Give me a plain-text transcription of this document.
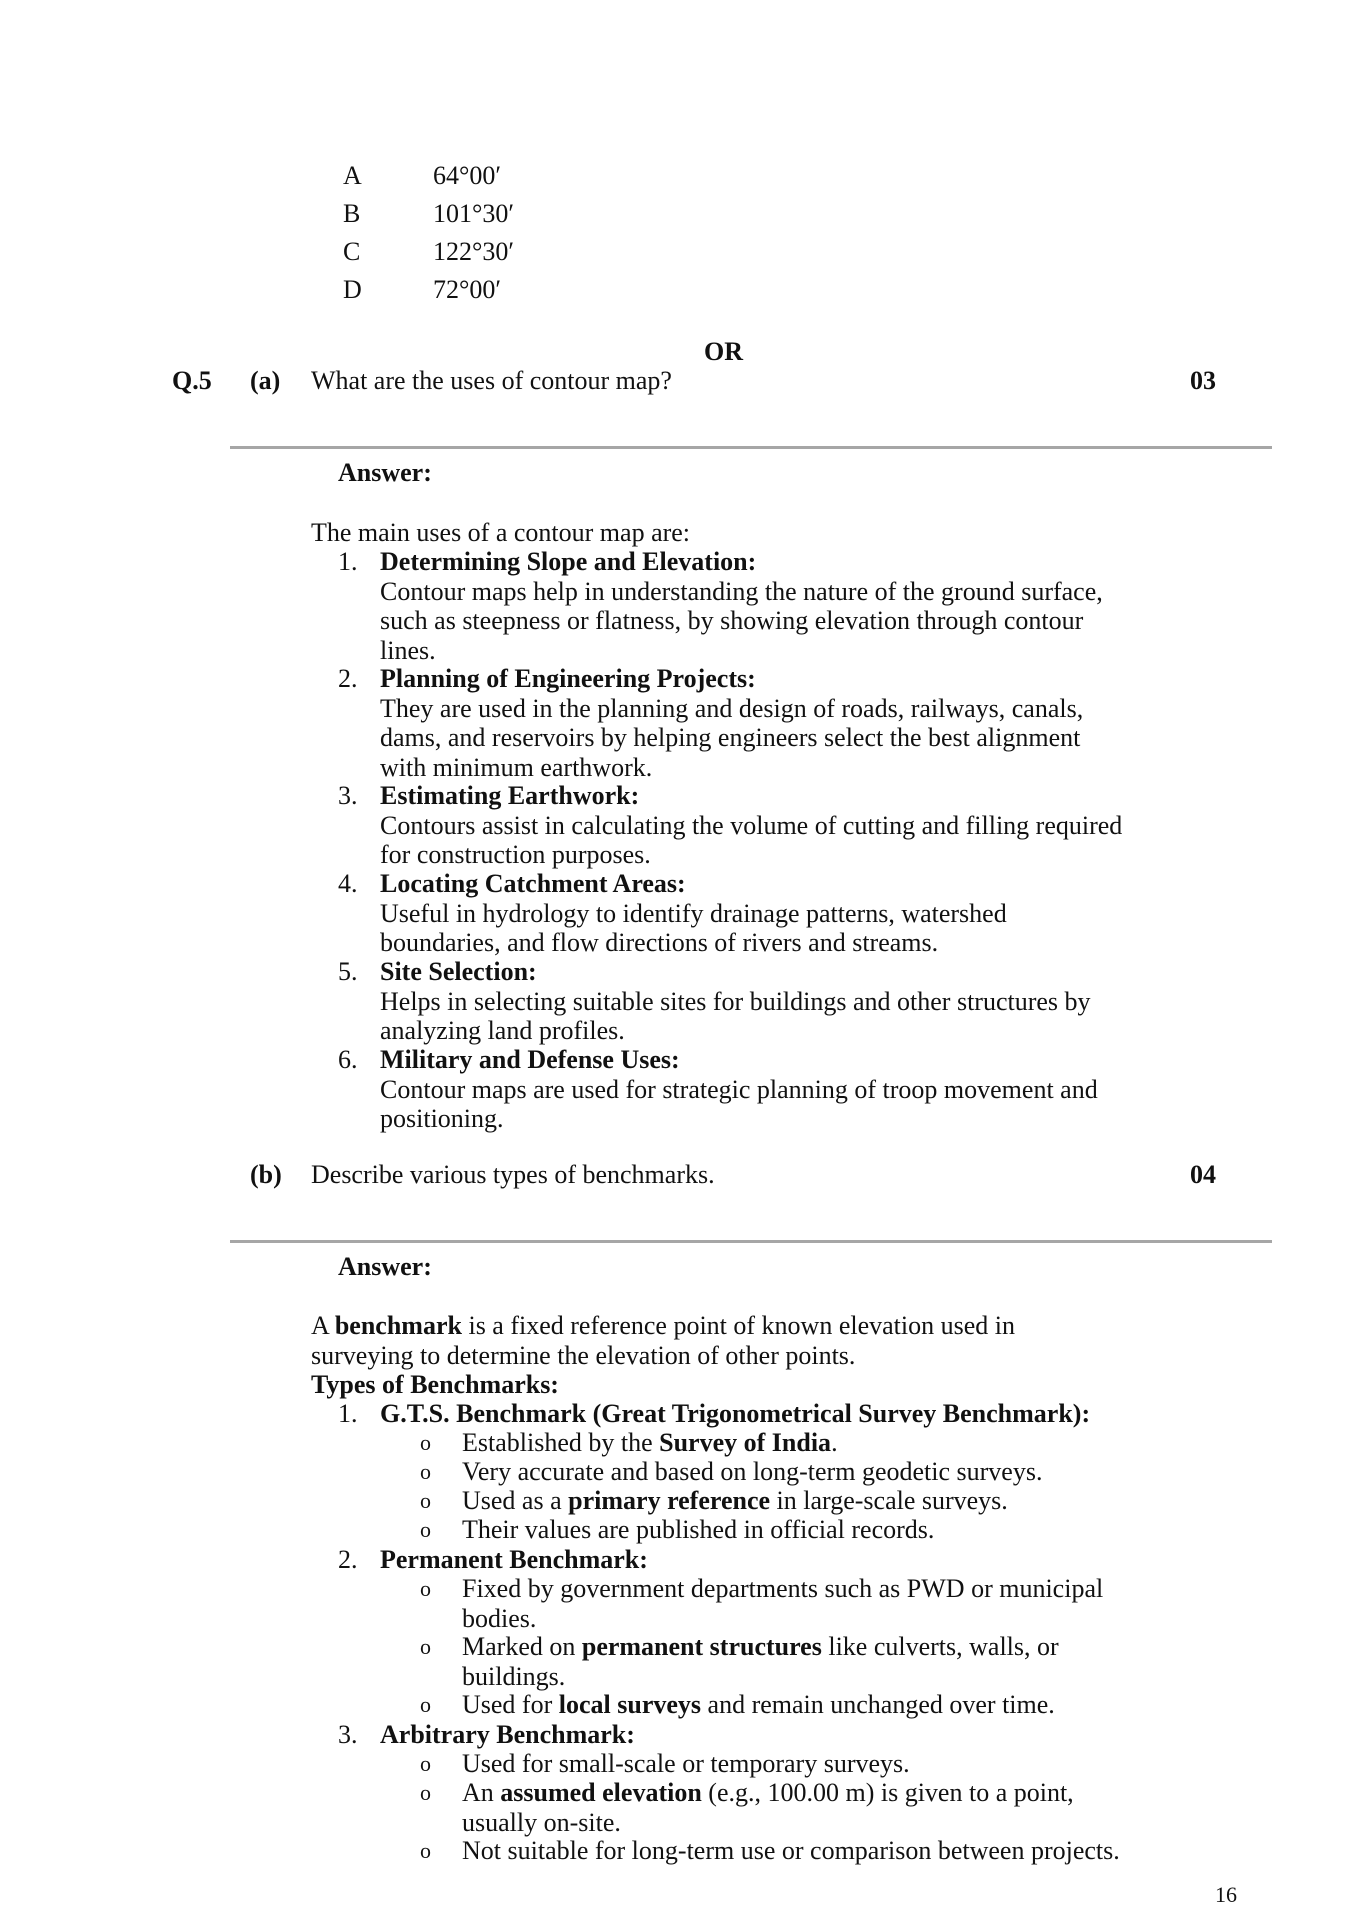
A	64°00′
B	101°30′
C	122°30′
D	72°00′
OR
Q.5 (a) What are the uses of contour map?	03
Answer:
The main uses of a contour map are:
1. Determining Slope and Elevation:
Contour maps help in understanding the nature of the ground surface,
such as steepness or flatness, by showing elevation through contour
lines.
2. Planning of Engineering Projects:
They are used in the planning and design of roads, railways, canals,
dams, and reservoirs by helping engineers select the best alignment
with minimum earthwork.
3. Estimating Earthwork:
Contours assist in calculating the volume of cutting and filling required
for construction purposes.
4. Locating Catchment Areas:
Useful in hydrology to identify drainage patterns, watershed
boundaries, and flow directions of rivers and streams.
5. Site Selection:
Helps in selecting suitable sites for buildings and other structures by
analyzing land profiles.
6. Military and Defense Uses:
Contour maps are used for strategic planning of troop movement and
positioning.
(b) Describe various types of benchmarks.	04
Answer:
A benchmark is a fixed reference point of known elevation used in
surveying to determine the elevation of other points.
Types of Benchmarks:
1. G.T.S. Benchmark (Great Trigonometrical Survey Benchmark):
o Established by the Survey of India.
o Very accurate and based on long-term geodetic surveys.
o Used as a primary reference in large-scale surveys.
o Their values are published in official records.
2. Permanent Benchmark:
o Fixed by government departments such as PWD or municipal
bodies.
o Marked on permanent structures like culverts, walls, or
buildings.
o Used for local surveys and remain unchanged over time.
3. Arbitrary Benchmark:
o Used for small-scale or temporary surveys.
o An assumed elevation (e.g., 100.00 m) is given to a point,
usually on-site.
o Not suitable for long-term use or comparison between projects.
16
